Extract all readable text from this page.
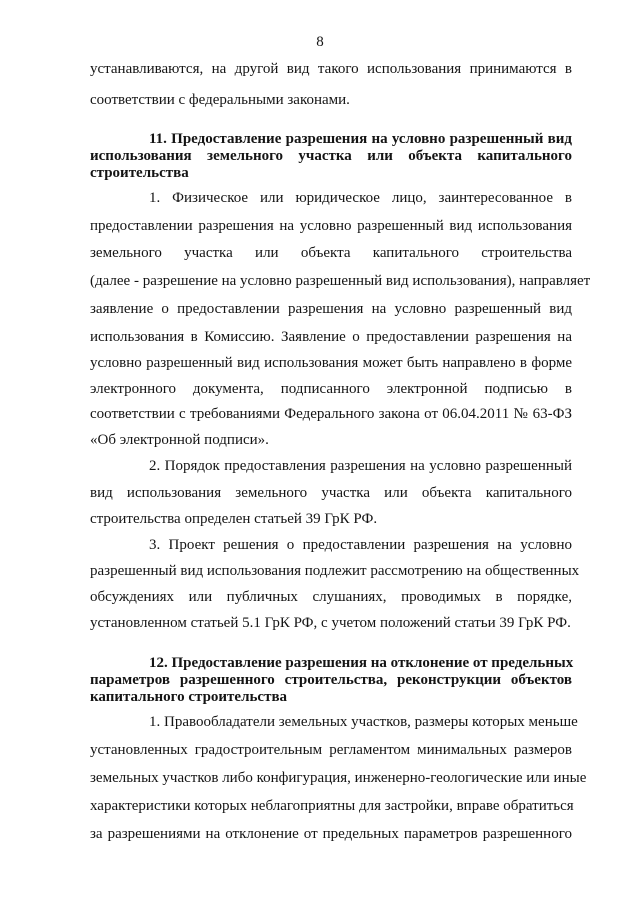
8
устанавливаются, на другой вид такого использования принимаются в
соответствии с федеральными законами.
11. Предоставление разрешения на условно разрешенный вид
использования земельного участка или объекта капитального
строительства
1. Физическое или юридическое лицо, заинтересованное в
предоставлении разрешения на условно разрешенный вид использования
земельного участка или объекта капитального строительства
(далее - разрешение на условно разрешенный вид использования), направляет
заявление о предоставлении разрешения на условно разрешенный вид
использования в Комиссию. Заявление о предоставлении разрешения на
условно разрешенный вид использования может быть направлено в форме
электронного документа, подписанного электронной подписью в
соответствии с требованиями Федерального закона от 06.04.2011 № 63-ФЗ
«Об электронной подписи».
2. Порядок предоставления разрешения на условно разрешенный
вид использования земельного участка или объекта капитального
строительства определен статьей 39 ГрК РФ.
3. Проект решения о предоставлении разрешения на условно
разрешенный вид использования подлежит рассмотрению на общественных
обсуждениях или публичных слушаниях, проводимых в порядке,
установленном статьей 5.1 ГрК РФ, с учетом положений статьи 39 ГрК РФ.
12. Предоставление разрешения на отклонение от предельных
параметров разрешенного строительства, реконструкции объектов
капитального строительства
1. Правообладатели земельных участков, размеры которых меньше
установленных градостроительным регламентом минимальных размеров
земельных участков либо конфигурация, инженерно-геологические или иные
характеристики которых неблагоприятны для застройки, вправе обратиться
за разрешениями на отклонение от предельных параметров разрешенного
